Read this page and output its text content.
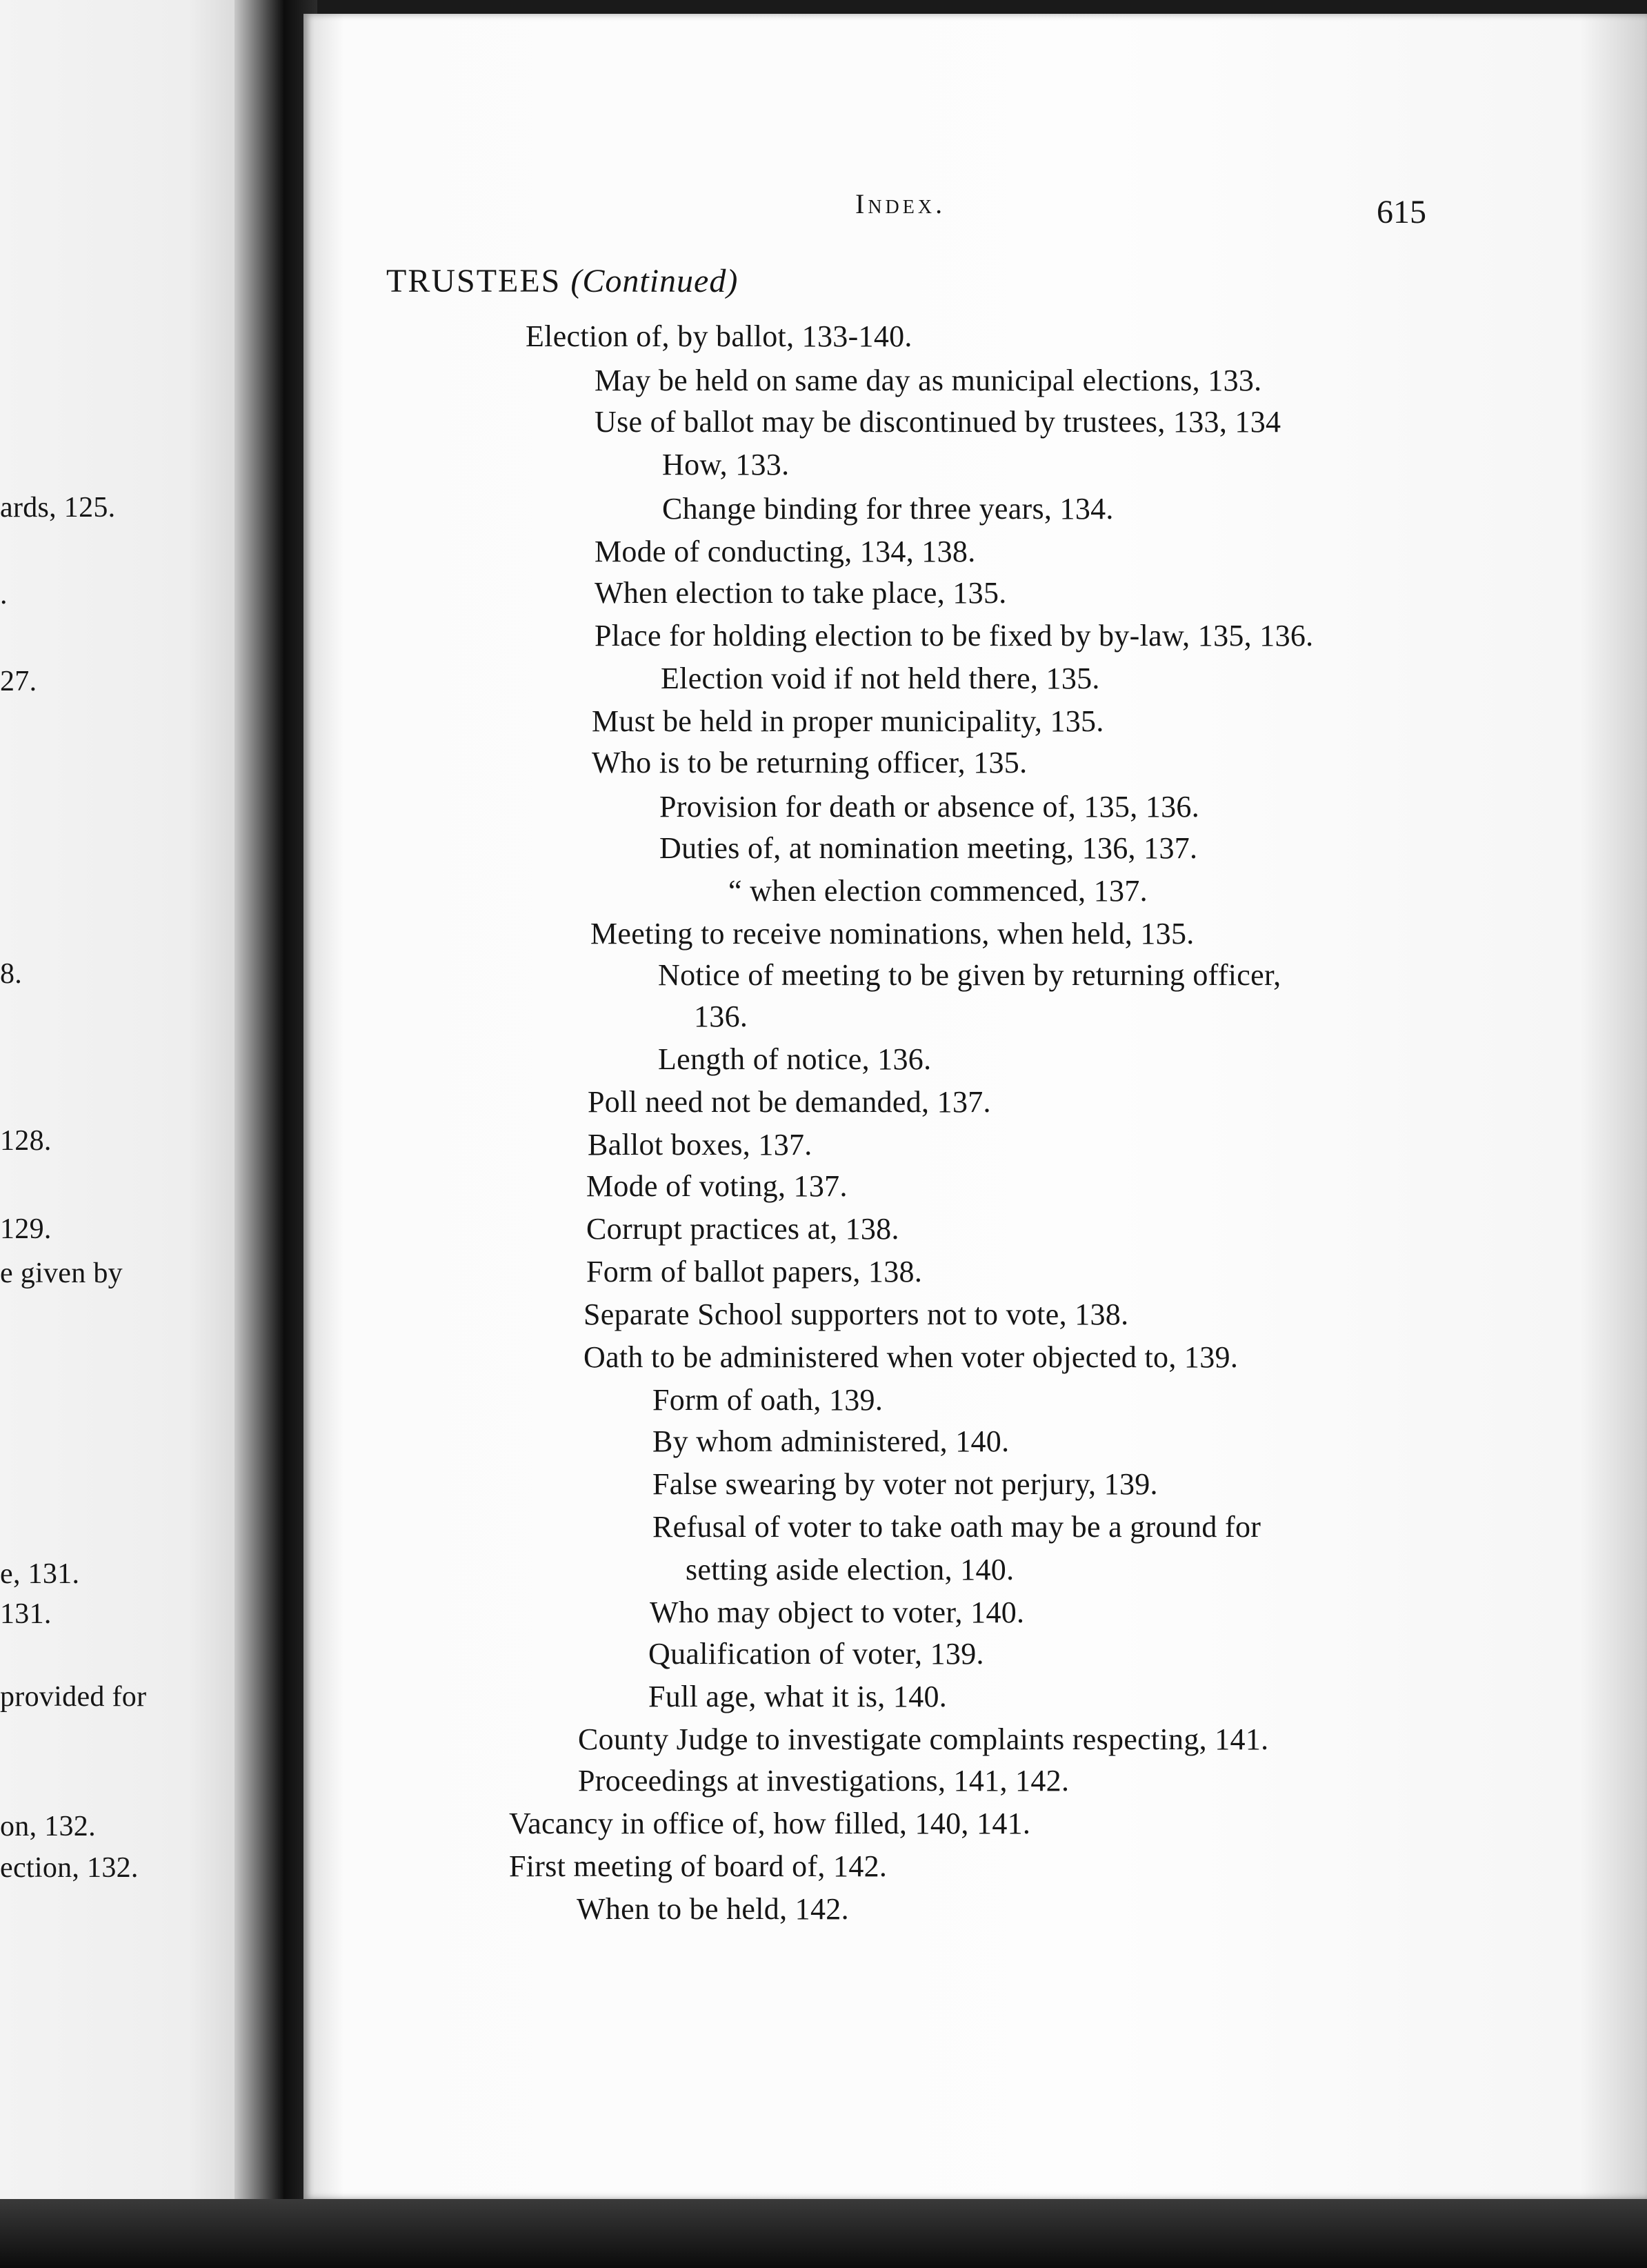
ards, 125.
.
27.
8.
128.
129.
e given by
e, 131.
131.
provided for
on, 132.
ection, 132.
Index.	615
TRUSTEES (Continued)
Election of, by ballot, 133-140.
May be held on same day as municipal elections, 133.
Use of ballot may be discontinued by trustees, 133, 134
How, 133.
Change binding for three years, 134.
Mode of conducting, 134, 138.
When election to take place, 135.
Place for holding election to be fixed by by-law, 135, 136.
Election void if not held there, 135.
Must be held in proper municipality, 135.
Who is to be returning officer, 135.
Provision for death or absence of, 135, 136.
Duties of, at nomination meeting, 136, 137.
“ when election commenced, 137.
Meeting to receive nominations, when held, 135.
Notice of meeting to be given by returning officer,
136.
Length of notice, 136.
Poll need not be demanded, 137.
Ballot boxes, 137.
Mode of voting, 137.
Corrupt practices at, 138.
Form of ballot papers, 138.
Separate School supporters not to vote, 138.
Oath to be administered when voter objected to, 139.
Form of oath, 139.
By whom administered, 140.
False swearing by voter not perjury, 139.
Refusal of voter to take oath may be a ground for
setting aside election, 140.
Who may object to voter, 140.
Qualification of voter, 139.
Full age, what it is, 140.
County Judge to investigate complaints respecting, 141.
Proceedings at investigations, 141, 142.
Vacancy in office of, how filled, 140, 141.
First meeting of board of, 142.
When to be held, 142.
